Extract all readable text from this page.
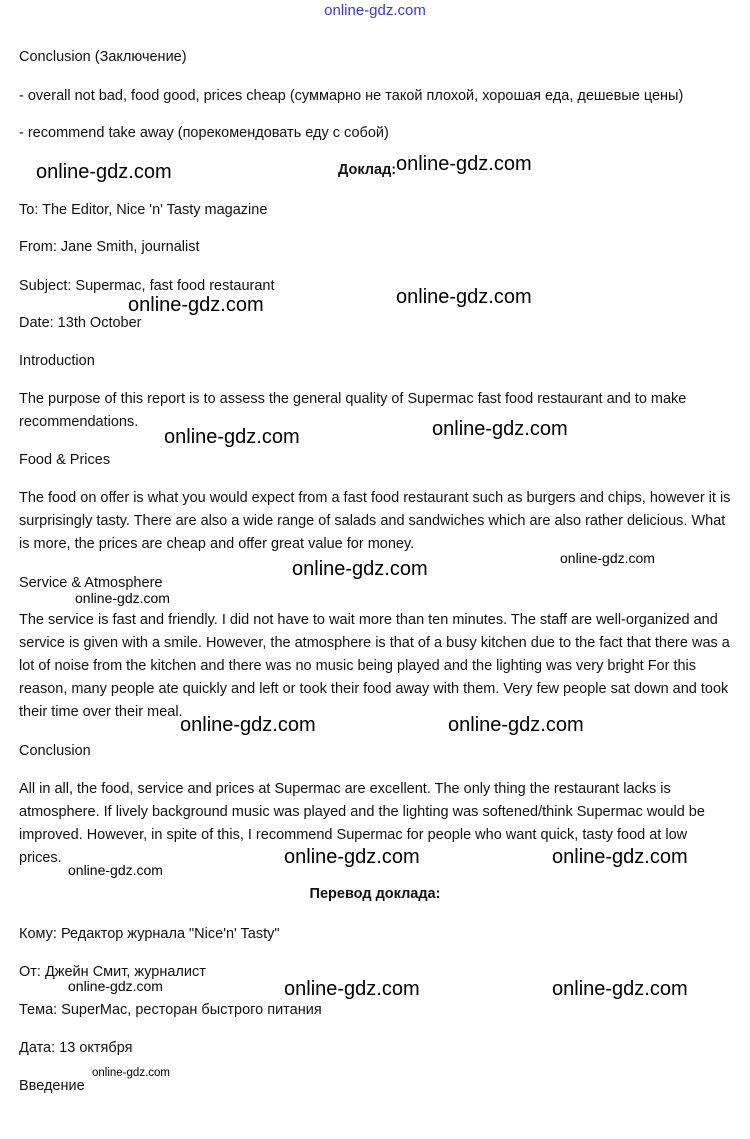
online-gdz.com

Conclusion (Заключение)

- overall not bad, food good, prices cheap (суммарно не такой плохой, хорошая еда, дешевые цены)

- recommend take away (порекомендовать еду с собой)

Доклад:

To: The Editor, Nice 'n' Tasty magazine

From: Jane Smith, journalist

Subject: Supermac, fast food restaurant

Date: 13th October

Introduction

The purpose of this report is to assess the general quality of Supermac fast food restaurant and to make recommendations.

Food & Prices

The food on offer is what you would expect from a fast food restaurant such as burgers and chips, however it is surprisingly tasty. There are also a wide range of salads and sandwiches which are also rather delicious. What is more, the prices are cheap and offer great value for money.

Service & Atmosphere

The service is fast and friendly. I did not have to wait more than ten minutes. The staff are well-organized and service is given with a smile. However, the atmosphere is that of a busy kitchen due to the fact that there was a lot of noise from the kitchen and there was no music being played and the lighting was very bright For this reason, many people ate quickly and left or took their food away with them. Very few people sat down and took their time over their meal.

Conclusion

All in all, the food, service and prices at Supermac are excellent. The only thing the restaurant lacks is atmosphere. If lively background music was played and the lighting was softened/think Supermac would be improved. However, in spite of this, I recommend Supermac for people who want quick, tasty food at low prices.

Перевод доклада:

Кому: Редактор журнала "Nice'n' Tasty"

От: Джейн Смит, журналист

Тема: SuperMac, ресторан быстрого питания

Дата: 13 октября

Введение

online-gdz.com	online-gdz.com
online-gdz.com	online-gdz.com
online-gdz.com	online-gdz.com
online-gdz.com
online-gdz.com
online-gdz.com
online-gdz.com	online-gdz.com
online-gdz.com	online-gdz.com
online-gdz.com
online-gdz.com	online-gdz.com	online-gdz.com
online-gdz.com
